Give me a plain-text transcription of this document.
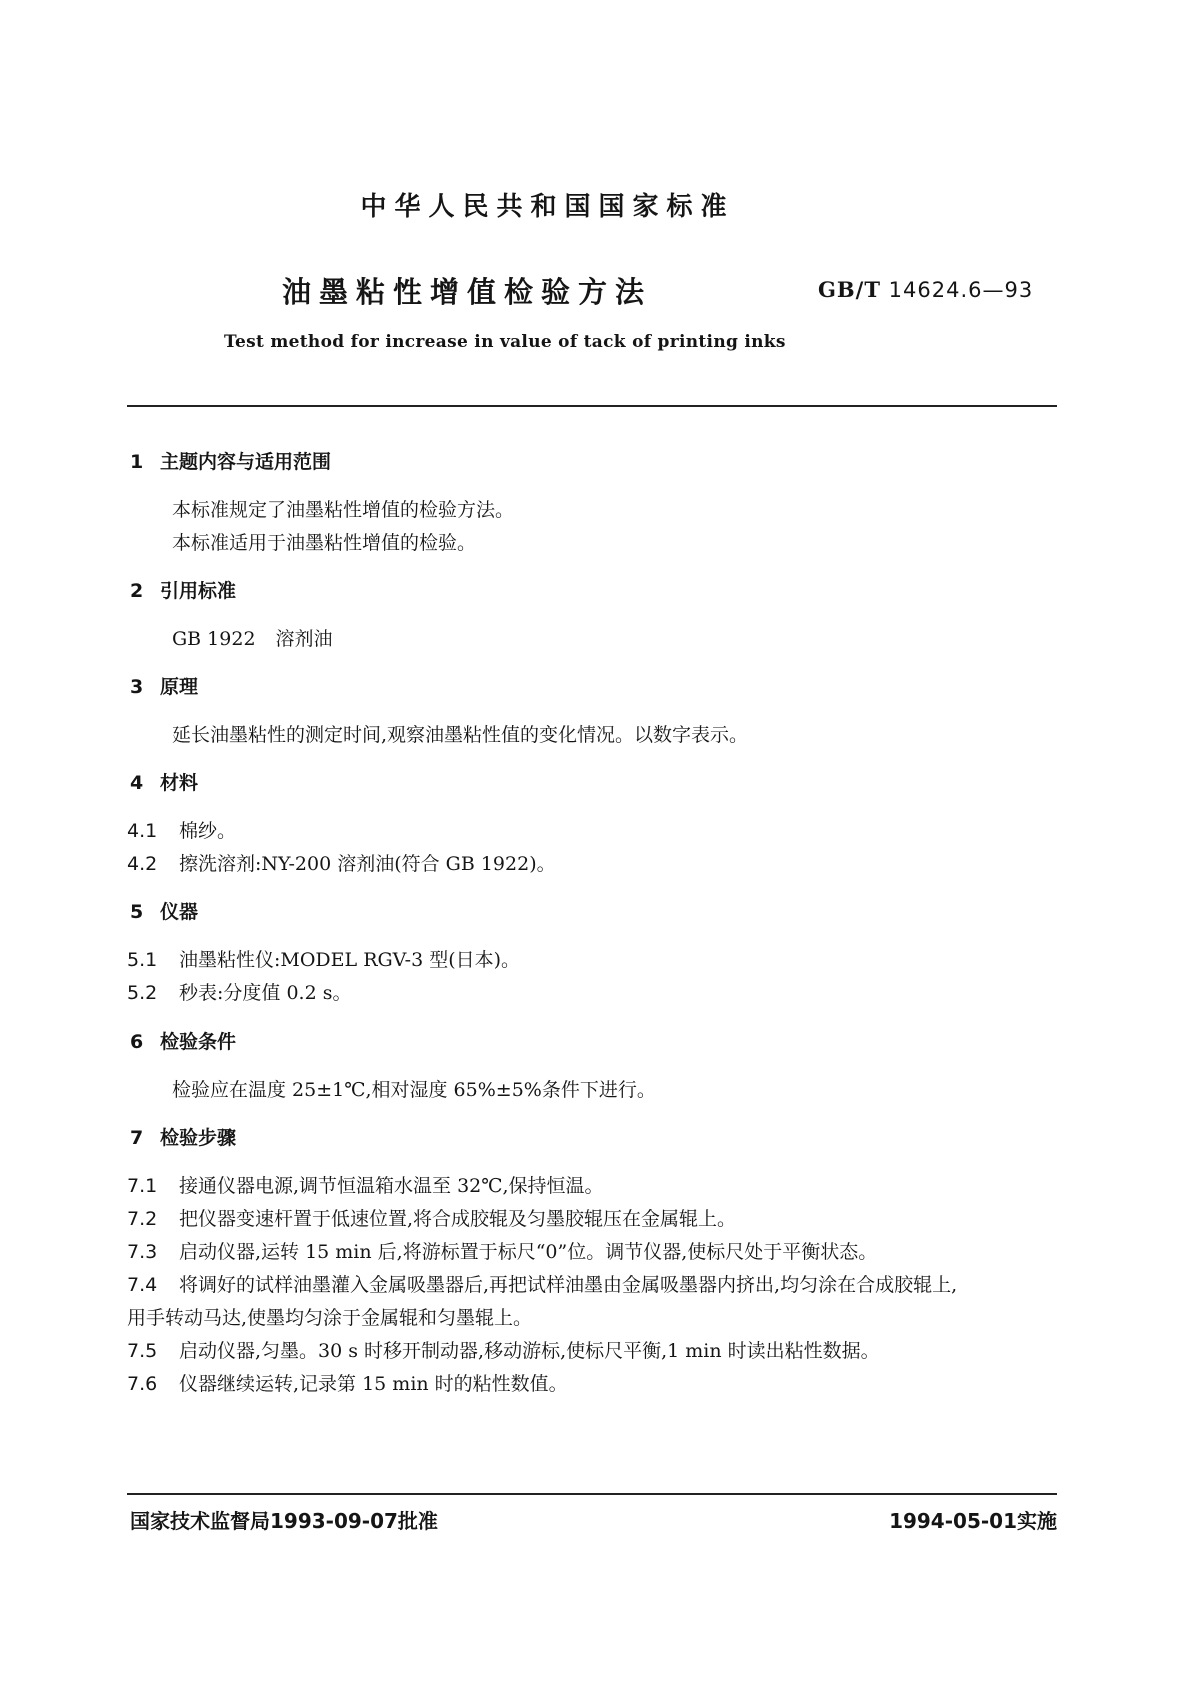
中华人民共和国国家标准
油墨粘性增值检验方法	GB/T 14624.6—93
Test method for increase in value of tack of printing inks
1 主题内容与适用范围
本标准规定了油墨粘性增值的检验方法。
本标准适用于油墨粘性增值的检验。
2 引用标准
GB 1922 溶剂油
3 原理
延长油墨粘性的测定时间,观察油墨粘性值的变化情况。以数字表示。
4 材料
4.1 棉纱。
4.2 擦洗溶剂:NY-200 溶剂油(符合 GB 1922)。
5 仪器
5.1 油墨粘性仪:MODEL RGV-3 型(日本)。
5.2 秒表:分度值 0.2 s。
6 检验条件
检验应在温度 25±1℃,相对湿度 65%±5%条件下进行。
7 检验步骤
7.1 接通仪器电源,调节恒温箱水温至 32℃,保持恒温。
7.2 把仪器变速杆置于低速位置,将合成胶辊及匀墨胶辊压在金属辊上。
7.3 启动仪器,运转 15 min 后,将游标置于标尺“0”位。调节仪器,使标尺处于平衡状态。
7.4 将调好的试样油墨灌入金属吸墨器后,再把试样油墨由金属吸墨器内挤出,均匀涂在合成胶辊上,
用手转动马达,使墨均匀涂于金属辊和匀墨辊上。
7.5 启动仪器,匀墨。30 s 时移开制动器,移动游标,使标尺平衡,1 min 时读出粘性数据。
7.6 仪器继续运转,记录第 15 min 时的粘性数值。
国家技术监督局1993-09-07批准	1994-05-01实施
